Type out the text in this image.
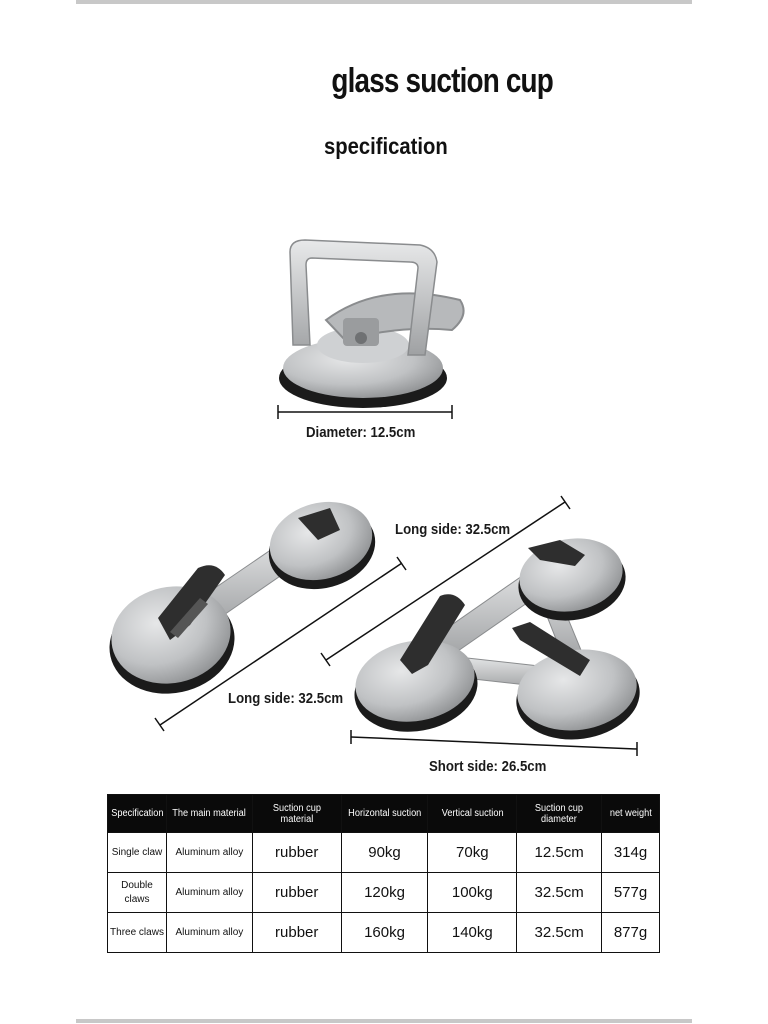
glass suction cup
specification
Diameter: 12.5cm
Long side: 32.5cm
Long side: 32.5cm
Short side: 26.5cm
Specification	The main material	Suction cup material	Horizontal suction	Vertical suction	Suction cup diameter	net weight
Single claw	Aluminum alloy	rubber	90kg	70kg	12.5cm	314g
Double claws	Aluminum alloy	rubber	120kg	100kg	32.5cm	577g
Three claws	Aluminum alloy	rubber	160kg	140kg	32.5cm	877g
